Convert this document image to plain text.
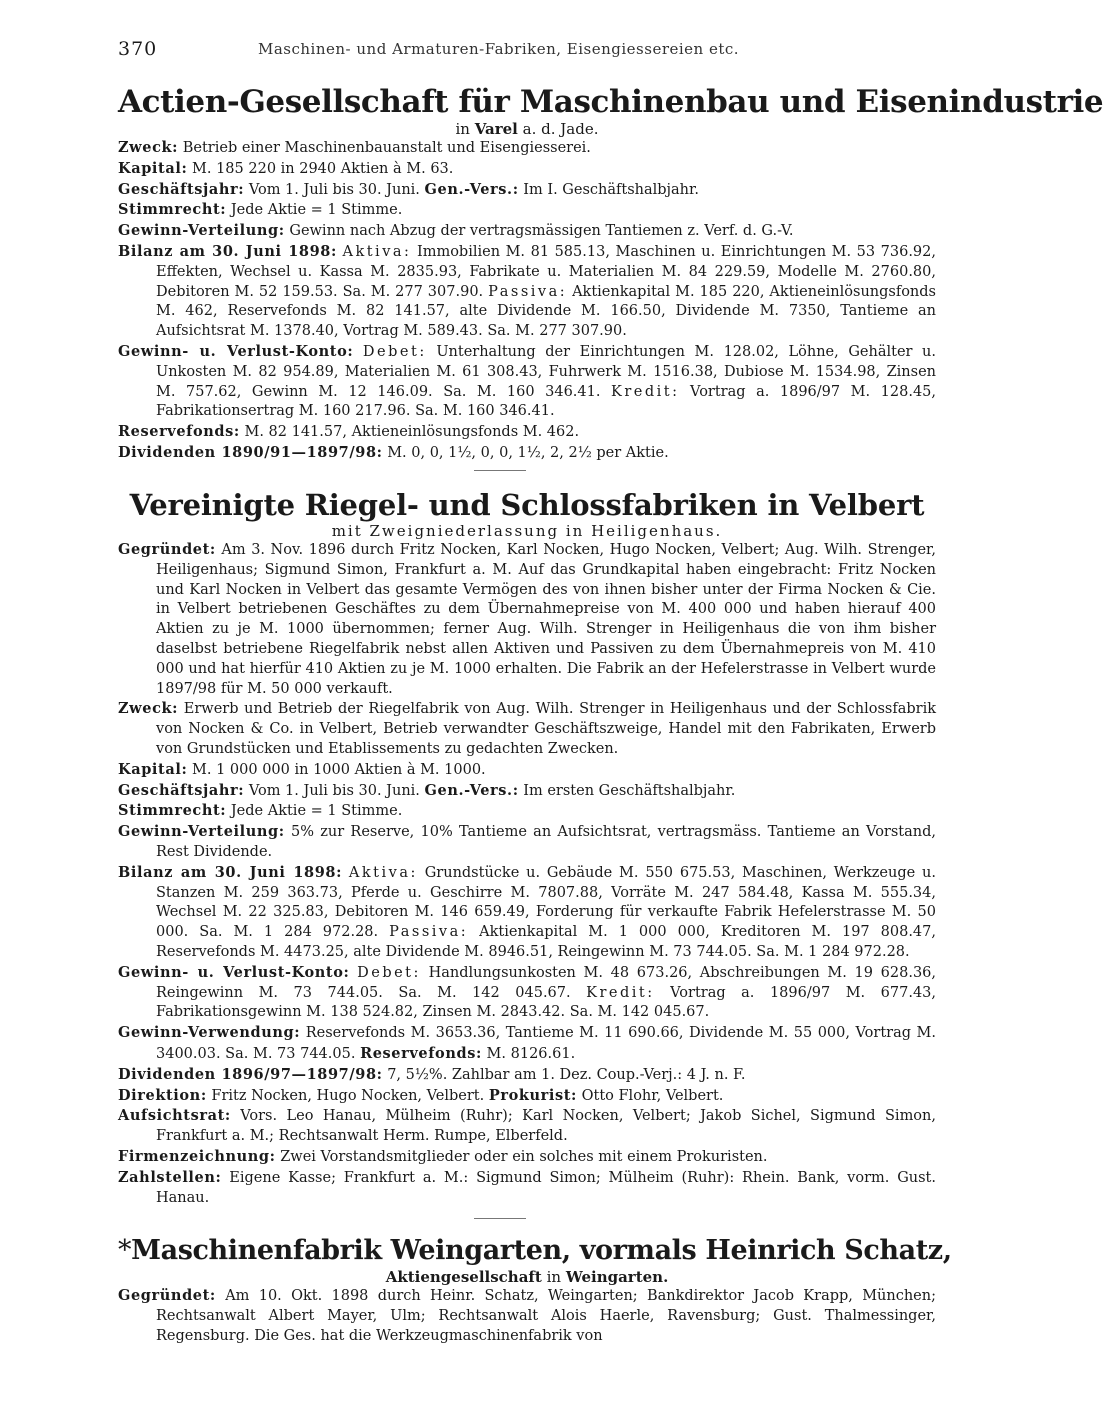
370	Maschinen- und Armaturen-Fabriken, Eisengiessereien etc.
Actien-Gesellschaft für Maschinenbau und Eisenindustrie

in Varel a. d. Jade.

Zweck: Betrieb einer Maschinenbauanstalt und Eisengiesserei.

Kapital: M. 185 220 in 2940 Aktien à M. 63.

Geschäftsjahr: Vom 1. Juli bis 30. Juni. Gen.-Vers.: Im I. Geschäftshalbjahr.

Stimmrecht: Jede Aktie = 1 Stimme.

Gewinn-Verteilung: Gewinn nach Abzug der vertragsmässigen Tantiemen z. Verf. d. G.-V.

Bilanz am 30. Juni 1898: Aktiva: Immobilien M. 81 585.13, Maschinen u. Einrichtungen M. 53 736.92, Effekten, Wechsel u. Kassa M. 2835.93, Fabrikate u. Materialien M. 84 229.59, Modelle M. 2760.80, Debitoren M. 52 159.53. Sa. M. 277 307.90. Passiva: Aktienkapital M. 185 220, Aktieneinlösungsfonds M. 462, Reservefonds M. 82 141.57, alte Dividende M. 166.50, Dividende M. 7350, Tantieme an Aufsichtsrat M. 1378.40, Vortrag M. 589.43. Sa. M. 277 307.90.

Gewinn- u. Verlust-Konto: Debet: Unterhaltung der Einrichtungen M. 128.02, Löhne, Gehälter u. Unkosten M. 82 954.89, Materialien M. 61 308.43, Fuhrwerk M. 1516.38, Dubiose M. 1534.98, Zinsen M. 757.62, Gewinn M. 12 146.09. Sa. M. 160 346.41. Kredit: Vortrag a. 1896/97 M. 128.45, Fabrikationsertrag M. 160 217.96. Sa. M. 160 346.41.

Reservefonds: M. 82 141.57, Aktieneinlösungsfonds M. 462.

Dividenden 1890/91—1897/98: M. 0, 0, 1½, 0, 0, 1½, 2, 2½ per Aktie.

Vereinigte Riegel- und Schlossfabriken in Velbert

mit Zweigniederlassung in Heiligenhaus.

Gegründet: Am 3. Nov. 1896 durch Fritz Nocken, Karl Nocken, Hugo Nocken, Velbert; Aug. Wilh. Strenger, Heiligenhaus; Sigmund Simon, Frankfurt a. M. Auf das Grundkapital haben eingebracht: Fritz Nocken und Karl Nocken in Velbert das gesamte Vermögen des von ihnen bisher unter der Firma Nocken & Cie. in Velbert betriebenen Geschäftes zu dem Übernahmepreise von M. 400 000 und haben hierauf 400 Aktien zu je M. 1000 übernommen; ferner Aug. Wilh. Strenger in Heiligenhaus die von ihm bisher daselbst betriebene Riegelfabrik nebst allen Aktiven und Passiven zu dem Übernahmepreis von M. 410 000 und hat hierfür 410 Aktien zu je M. 1000 erhalten. Die Fabrik an der Hefelerstrasse in Velbert wurde 1897/98 für M. 50 000 verkauft.

Zweck: Erwerb und Betrieb der Riegelfabrik von Aug. Wilh. Strenger in Heiligenhaus und der Schlossfabrik von Nocken & Co. in Velbert, Betrieb verwandter Geschäftszweige, Handel mit den Fabrikaten, Erwerb von Grundstücken und Etablissements zu gedachten Zwecken.

Kapital: M. 1 000 000 in 1000 Aktien à M. 1000.

Geschäftsjahr: Vom 1. Juli bis 30. Juni. Gen.-Vers.: Im ersten Geschäftshalbjahr.

Stimmrecht: Jede Aktie = 1 Stimme.

Gewinn-Verteilung: 5% zur Reserve, 10% Tantieme an Aufsichtsrat, vertragsmäss. Tantieme an Vorstand, Rest Dividende.

Bilanz am 30. Juni 1898: Aktiva: Grundstücke u. Gebäude M. 550 675.53, Maschinen, Werkzeuge u. Stanzen M. 259 363.73, Pferde u. Geschirre M. 7807.88, Vorräte M. 247 584.48, Kassa M. 555.34, Wechsel M. 22 325.83, Debitoren M. 146 659.49, Forderung für verkaufte Fabrik Hefelerstrasse M. 50 000. Sa. M. 1 284 972.28. Passiva: Aktienkapital M. 1 000 000, Kreditoren M. 197 808.47, Reservefonds M. 4473.25, alte Dividende M. 8946.51, Reingewinn M. 73 744.05. Sa. M. 1 284 972.28.

Gewinn- u. Verlust-Konto: Debet: Handlungsunkosten M. 48 673.26, Abschreibungen M. 19 628.36, Reingewinn M. 73 744.05. Sa. M. 142 045.67. Kredit: Vortrag a. 1896/97 M. 677.43, Fabrikationsgewinn M. 138 524.82, Zinsen M. 2843.42. Sa. M. 142 045.67.

Gewinn-Verwendung: Reservefonds M. 3653.36, Tantieme M. 11 690.66, Dividende M. 55 000, Vortrag M. 3400.03. Sa. M. 73 744.05. Reservefonds: M. 8126.61.

Dividenden 1896/97—1897/98: 7, 5½%. Zahlbar am 1. Dez. Coup.-Verj.: 4 J. n. F.

Direktion: Fritz Nocken, Hugo Nocken, Velbert. Prokurist: Otto Flohr, Velbert.

Aufsichtsrat: Vors. Leo Hanau, Mülheim (Ruhr); Karl Nocken, Velbert; Jakob Sichel, Sigmund Simon, Frankfurt a. M.; Rechtsanwalt Herm. Rumpe, Elberfeld.

Firmenzeichnung: Zwei Vorstandsmitglieder oder ein solches mit einem Prokuristen.

Zahlstellen: Eigene Kasse; Frankfurt a. M.: Sigmund Simon; Mülheim (Ruhr): Rhein. Bank, vorm. Gust. Hanau.

*Maschinenfabrik Weingarten, vormals Heinrich Schatz,

Aktiengesellschaft in Weingarten.

Gegründet: Am 10. Okt. 1898 durch Heinr. Schatz, Weingarten; Bankdirektor Jacob Krapp, München; Rechtsanwalt Albert Mayer, Ulm; Rechtsanwalt Alois Haerle, Ravensburg; Gust. Thalmessinger, Regensburg. Die Ges. hat die Werkzeugmaschinenfabrik von
